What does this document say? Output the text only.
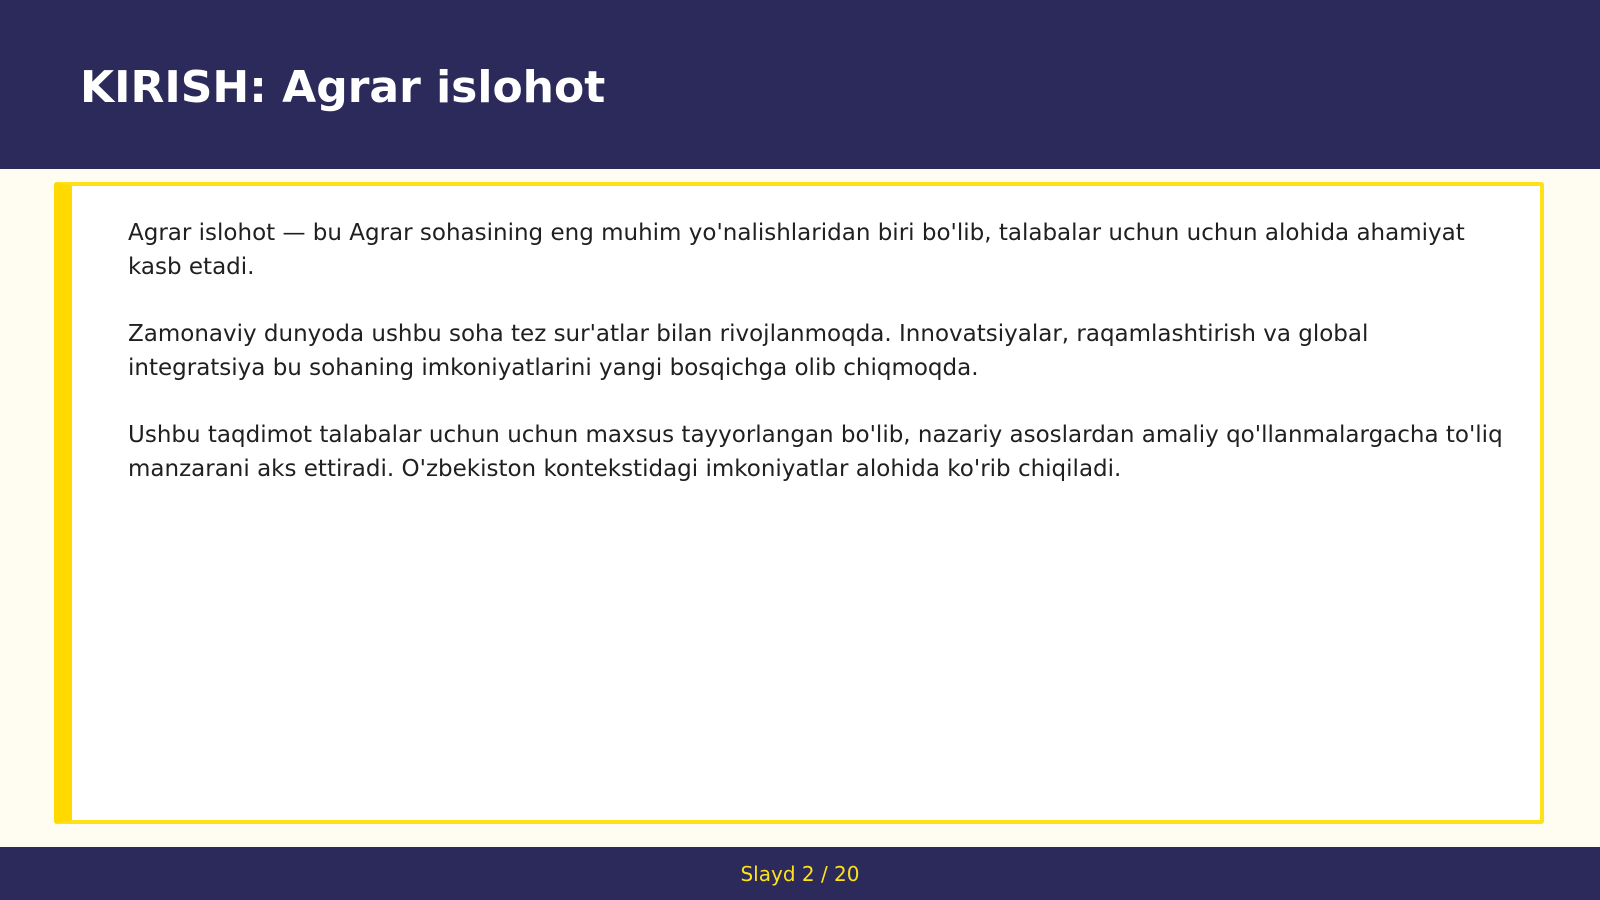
KIRISH: Agrar islohot

Agrar islohot — bu Agrar sohasining eng muhim yo'nalishlaridan biri bo'lib, talabalar uchun uchun alohida ahamiyat kasb etadi.

Zamonaviy dunyoda ushbu soha tez sur'atlar bilan rivojlanmoqda. Innovatsiyalar, raqamlashtirish va global integratsiya bu sohaning imkoniyatlarini yangi bosqichga olib chiqmoqda.

Ushbu taqdimot talabalar uchun uchun maxsus tayyorlangan bo'lib, nazariy asoslardan amaliy qo'llanmalargacha to'liq manzarani aks ettiradi. O'zbekiston kontekstidagi imkoniyatlar alohida ko'rib chiqiladi.

Slayd 2 / 20
